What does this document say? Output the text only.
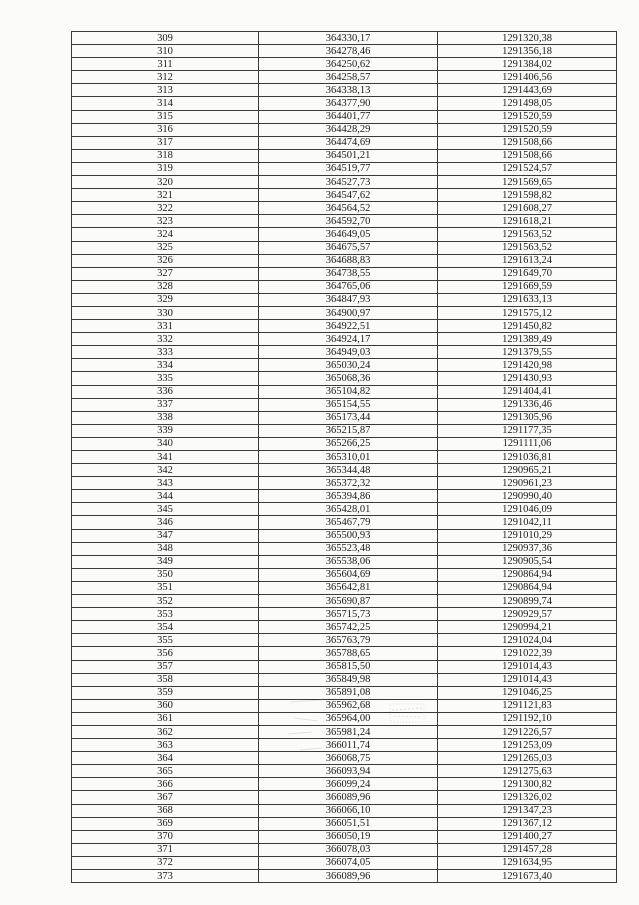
309	364330,17	1291320,38
310	364278,46	1291356,18
311	364250,62	1291384,02
312	364258,57	1291406,56
313	364338,13	1291443,69
314	364377,90	1291498,05
315	364401,77	1291520,59
316	364428,29	1291520,59
317	364474,69	1291508,66
318	364501,21	1291508,66
319	364519,77	1291524,57
320	364527,73	1291569,65
321	364547,62	1291598,82
322	364564,52	1291608,27
323	364592,70	1291618,21
324	364649,05	1291563,52
325	364675,57	1291563,52
326	364688,83	1291613,24
327	364738,55	1291649,70
328	364765,06	1291669,59
329	364847,93	1291633,13
330	364900,97	1291575,12
331	364922,51	1291450,82
332	364924,17	1291389,49
333	364949,03	1291379,55
334	365030,24	1291420,98
335	365068,36	1291430,93
336	365104,82	1291404,41
337	365154,55	1291336,46
338	365173,44	1291305,96
339	365215,87	1291177,35
340	365266,25	1291111,06
341	365310,01	1291036,81
342	365344,48	1290965,21
343	365372,32	1290961,23
344	365394,86	1290990,40
345	365428,01	1291046,09
346	365467,79	1291042,11
347	365500,93	1291010,29
348	365523,48	1290937,36
349	365538,06	1290905,54
350	365604,69	1290864,94
351	365642,81	1290864,94
352	365690,87	1290899,74
353	365715,73	1290929,57
354	365742,25	1290994,21
355	365763,79	1291024,04
356	365788,65	1291022,39
357	365815,50	1291014,43
358	365849,98	1291014,43
359	365891,08	1291046,25
360	365962,68	1291121,83
361	365964,00	1291192,10
362	365981,24	1291226,57
363	366011,74	1291253,09
364	366068,75	1291265,03
365	366093,94	1291275,63
366	366099,24	1291300,82
367	366089,96	1291326,02
368	366066,10	1291347,23
369	366051,51	1291367,12
370	366050,19	1291400,27
371	366078,03	1291457,28
372	366074,05	1291634,95
373	366089,96	1291673,40
